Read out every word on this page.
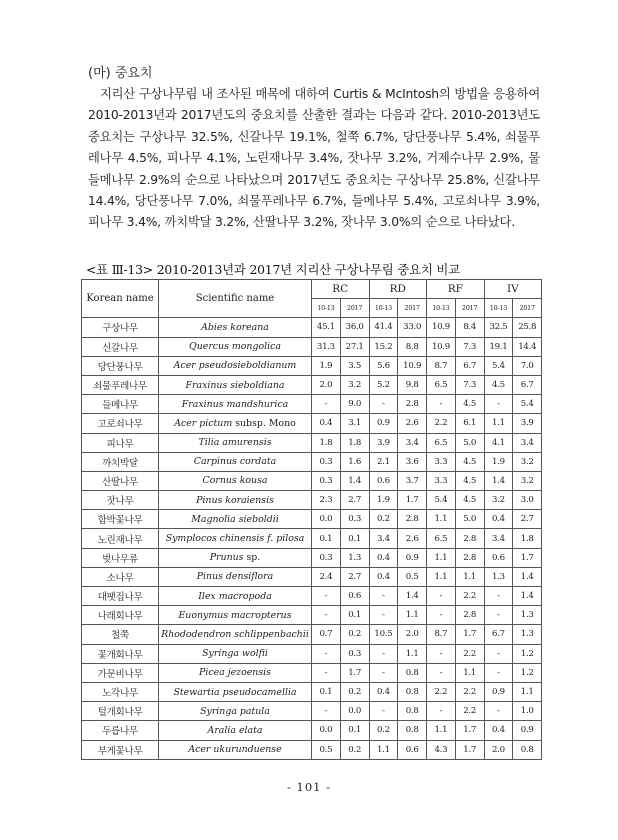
(마) 중요치

지리산 구상나무림 내 조사된 매목에 대하여 Curtis & McIntosh의 방법을 응용하여 2010-2013년과 2017년도의 중요치를 산출한 결과는 다음과 같다. 2010-2013년도 중요치는 구상나무 32.5%, 신갈나무 19.1%, 철쭉 6.7%, 당단풍나무 5.4%, 쇠물푸레나무 4.5%, 피나무 4.1%, 노린재나무 3.4%, 잣나무 3.2%, 거제수나무 2.9%, 물들메나무 2.9%의 순으로 나타났으며 2017년도 중요치는 구상나무 25.8%, 신갈나무 14.4%, 당단풍나무 7.0%, 쇠물푸레나무 6.7%, 들메나무 5.4%, 고로쇠나무 3.9%, 피나무 3.4%, 까치박달 3.2%, 산딸나무 3.2%, 잣나무 3.0%의 순으로 나타났다.

<표 Ⅲ-13> 2010-2013년과 2017년 지리산 구상나무림 중요치 비교
Korean name	Scientific name	RC		RD		RF		IV	
		10-13	2017	10-13	2017	10-13	2017	10-13	2017
구상나무	Abies koreana	45.1	36.0	41.4	33.0	10.9	8.4	32.5	25.8
신갈나무	Quercus mongolica	31.3	27.1	15.2	8.8	10.9	7.3	19.1	14.4
당단풍나무	Acer pseudosieboldianum	1.9	3.5	5.6	10.9	8.7	6.7	5.4	7.0
쇠물푸레나무	Fraxinus sieboldiana	2.0	3.2	5.2	9.8	6.5	7.3	4.5	6.7
들메나무	Fraxinus mandshurica	-	9.0	-	2.8	-	4.5	-	5.4
고로쇠나무	Acer pictum subsp. Mono	0.4	3.1	0.9	2.6	2.2	6.1	1.1	3.9
피나무	Tilia amurensis	1.8	1.8	3.9	3.4	6.5	5.0	4.1	3.4
까치박달	Carpinus cordata	0.3	1.6	2.1	3.6	3.3	4.5	1.9	3.2
산딸나무	Cornus kousa	0.3	1.4	0.6	3.7	3.3	4.5	1.4	3.2
잣나무	Pinus koraiensis	2.3	2.7	1.9	1.7	5.4	4.5	3.2	3.0
함박꽃나무	Magnolia sieboldii	0.0	0.3	0.2	2.8	1.1	5.0	0.4	2.7
노린재나무	Symplocos chinensis f. pilosa	0.1	0.1	3.4	2.6	6.5	2.8	3.4	1.8
벚나무류	Prunus sp.	0.3	1.3	0.4	0.9	1.1	2.8	0.6	1.7
소나무	Pinus densiflora	2.4	2.7	0.4	0.5	1.1	1.1	1.3	1.4
대팻집나무	Ilex macropoda	-	0.6	-	1.4	-	2.2	-	1.4
나래회나무	Euonymus macropterus	-	0.1	-	1.1	-	2.8	-	1.3
철쭉	Rhododendron schlippenbachii	0.7	0.2	10.5	2.0	8.7	1.7	6.7	1.3
꽃개회나무	Syringa wolfii	-	0.3	-	1.1	-	2.2	-	1.2
가문비나무	Picea jezoensis	-	1.7	-	0.8	-	1.1	-	1.2
노각나무	Stewartia pseudocamellia	0.1	0.2	0.4	0.8	2.2	2.2	0.9	1.1
털개회나무	Syringa patula	-	0.0	-	0.8	-	2.2	-	1.0
두릅나무	Aralia elata	0.0	0.1	0.2	0.8	1.1	1.7	0.4	0.9
부게꽃나무	Acer ukurunduense	0.5	0.2	1.1	0.6	4.3	1.7	2.0	0.8
- 101 -
